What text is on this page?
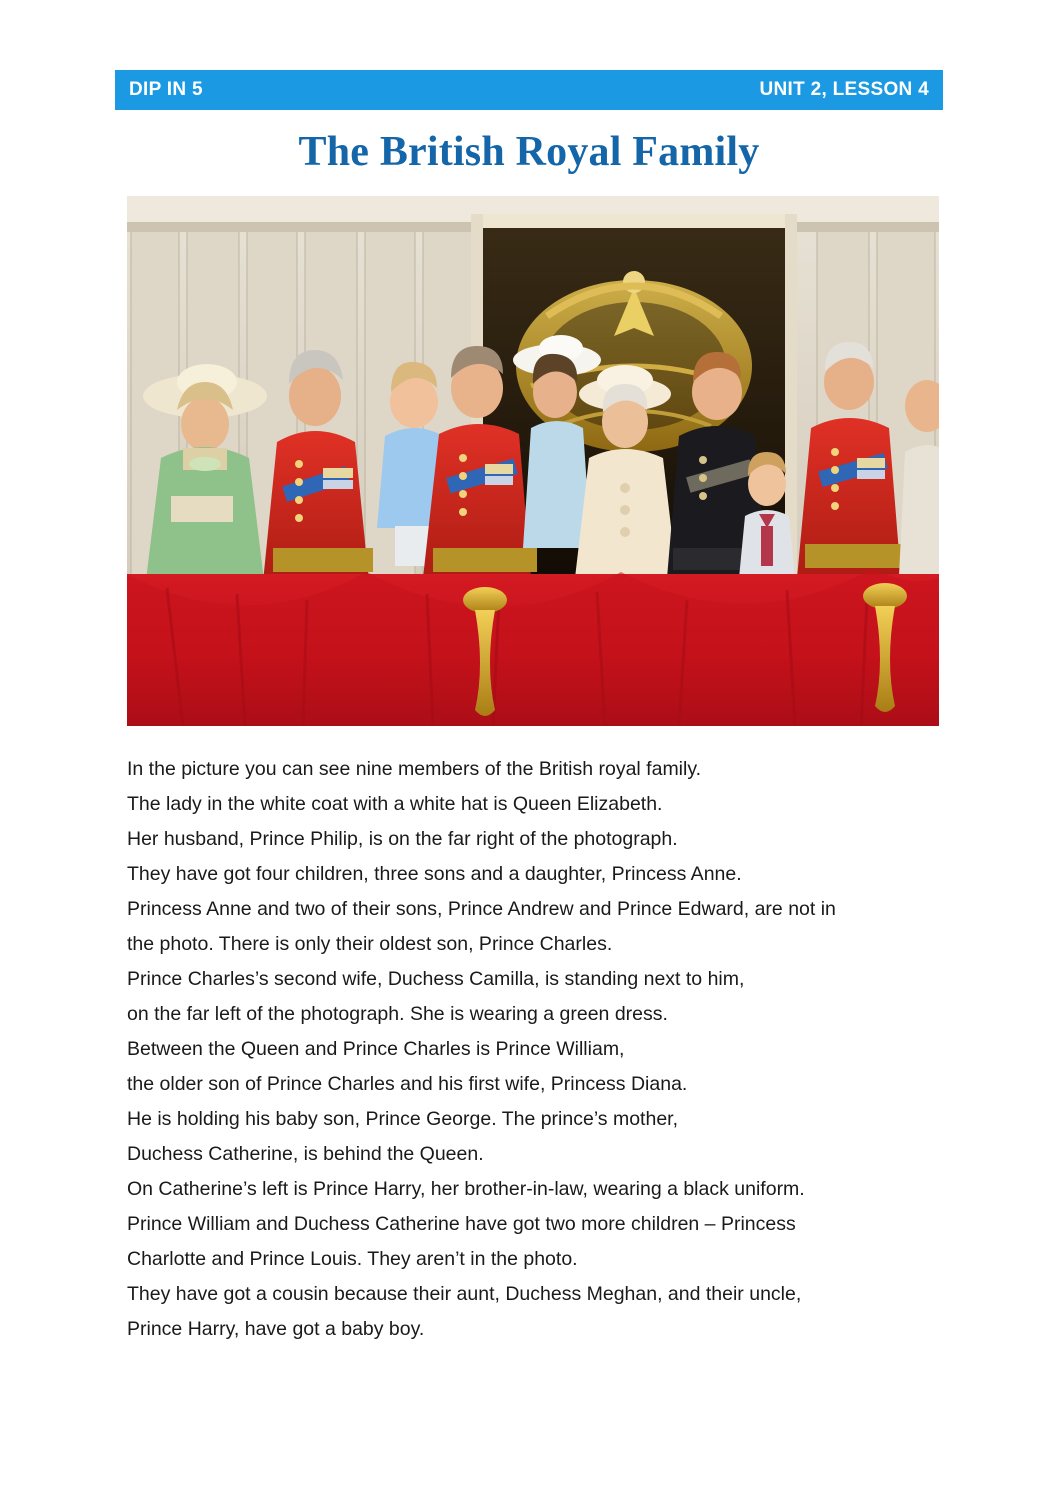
DIP IN 5	UNIT 2, LESSON 4
The British Royal Family

In the picture you can see nine members of the British royal family.

The lady in the white coat with a white hat is Queen Elizabeth.

Her husband, Prince Philip, is on the far right of the photograph.

They have got four children, three sons and a daughter, Princess Anne.

Princess Anne and two of their sons, Prince Andrew and Prince Edward, are not in

the photo. There is only their oldest son, Prince Charles.

Prince Charles’s second wife, Duchess Camilla, is standing next to him,

on the far left of the photograph. She is wearing a green dress.

Between the Queen and Prince Charles is Prince William,

the older son of Prince Charles and his first wife, Princess Diana.

He is holding his baby son, Prince George. The prince’s mother,

Duchess Catherine, is behind the Queen.

On Catherine’s left is Prince Harry, her brother-in-law, wearing a black uniform.

Prince William and Duchess Catherine have got two more children – Princess

Charlotte and Prince Louis. They aren’t in the photo.

They have got a cousin because their aunt, Duchess Meghan, and their uncle,

Prince Harry, have got a baby boy.
